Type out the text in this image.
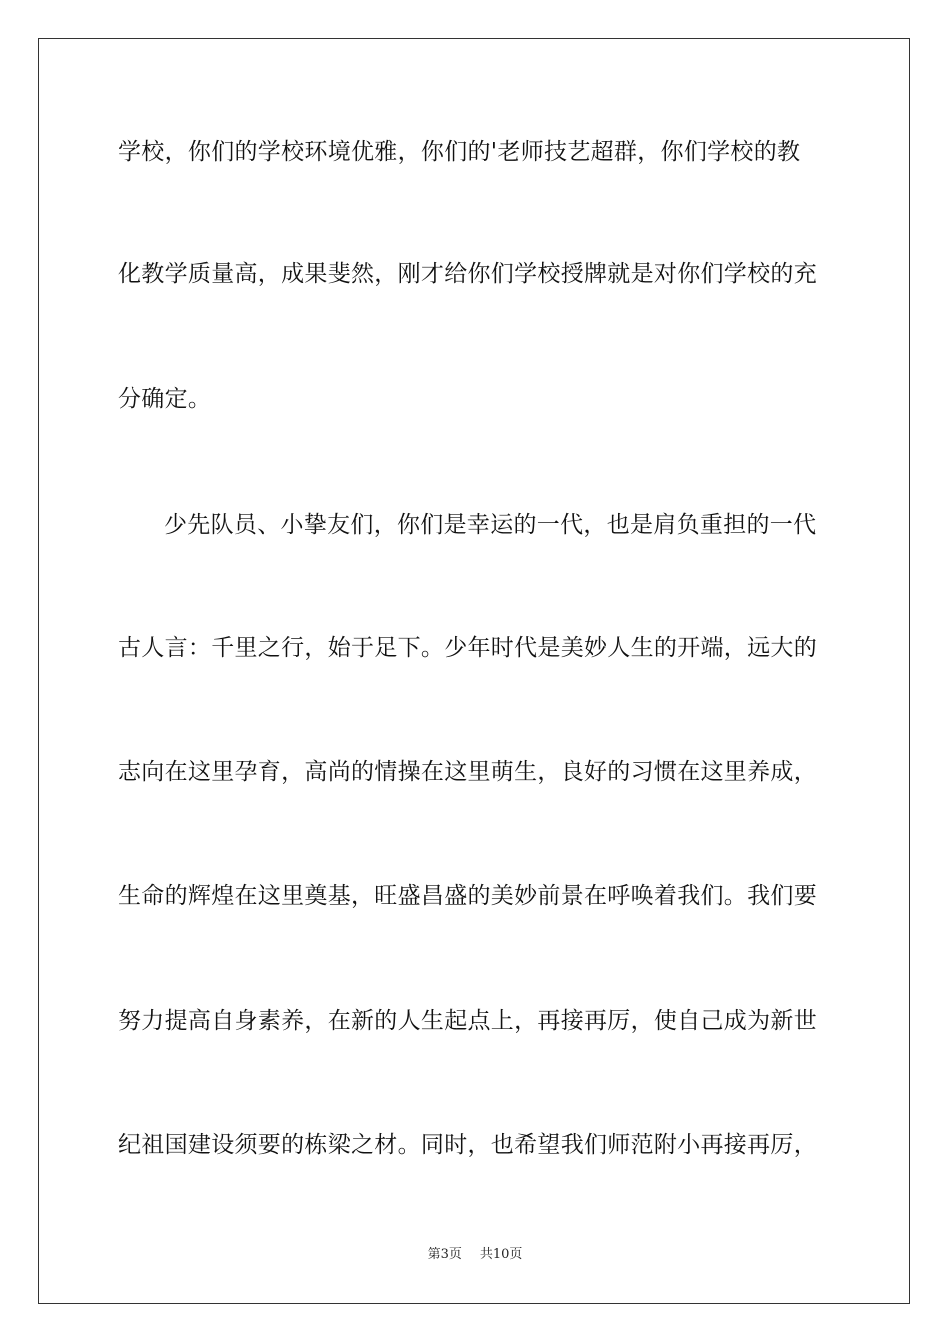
学校，你们的学校环境优雅，你们的'老师技艺超群，你们学校的教
化教学质量高，成果斐然，刚才给你们学校授牌就是对你们学校的充
分确定。
少先队员、小挚友们，你们是幸运的一代，也是肩负重担的一代
古人言：千里之行，始于足下。少年时代是美妙人生的开端，远大的
志向在这里孕育，高尚的情操在这里萌生，良好的习惯在这里养成，
生命的辉煌在这里奠基，旺盛昌盛的美妙前景在呼唤着我们。我们要
努力提高自身素养，在新的人生起点上，再接再厉，使自己成为新世
纪祖国建设须要的栋梁之材。同时，也希望我们师范附小再接再厉，
第3页 共10页
